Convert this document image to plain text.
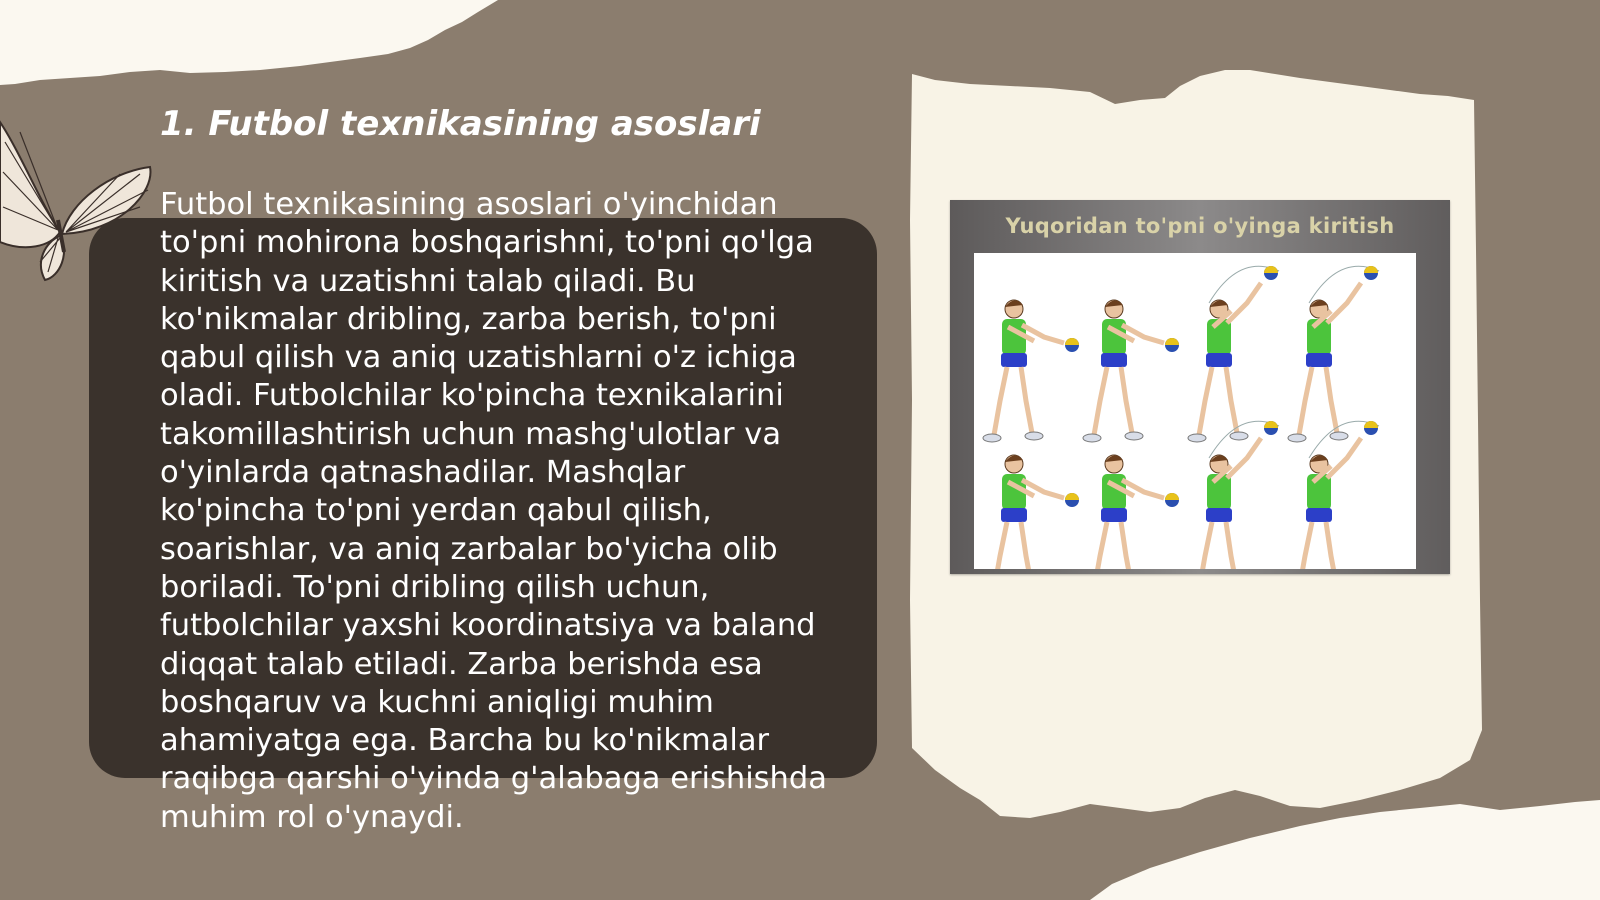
1. Futbol texnikasining asoslari
Futbol texnikasining asoslari o'yinchidan to'pni mohirona boshqarishni, to'pni qo'lga kiritish va uzatishni talab qiladi. Bu ko'nikmalar dribling, zarba berish, to'pni qabul qilish va aniq uzatishlarni o'z ichiga oladi. Futbolchilar ko'pincha texnikalarini takomillashtirish uchun mashg'ulotlar va o'yinlarda qatnashadilar. Mashqlar ko'pincha to'pni yerdan qabul qilish, soarishlar, va aniq zarbalar bo'yicha olib boriladi. To'pni dribling qilish uchun, futbolchilar yaxshi koordinatsiya va baland diqqat talab etiladi. Zarba berishda esa boshqaruv va kuchni aniqligi muhim ahamiyatga ega. Barcha bu ko'nikmalar raqibga qarshi o'yinda g'alabaga erishishda muhim rol o'ynaydi.
Yuqoridan to'pni o'yinga kiritish
